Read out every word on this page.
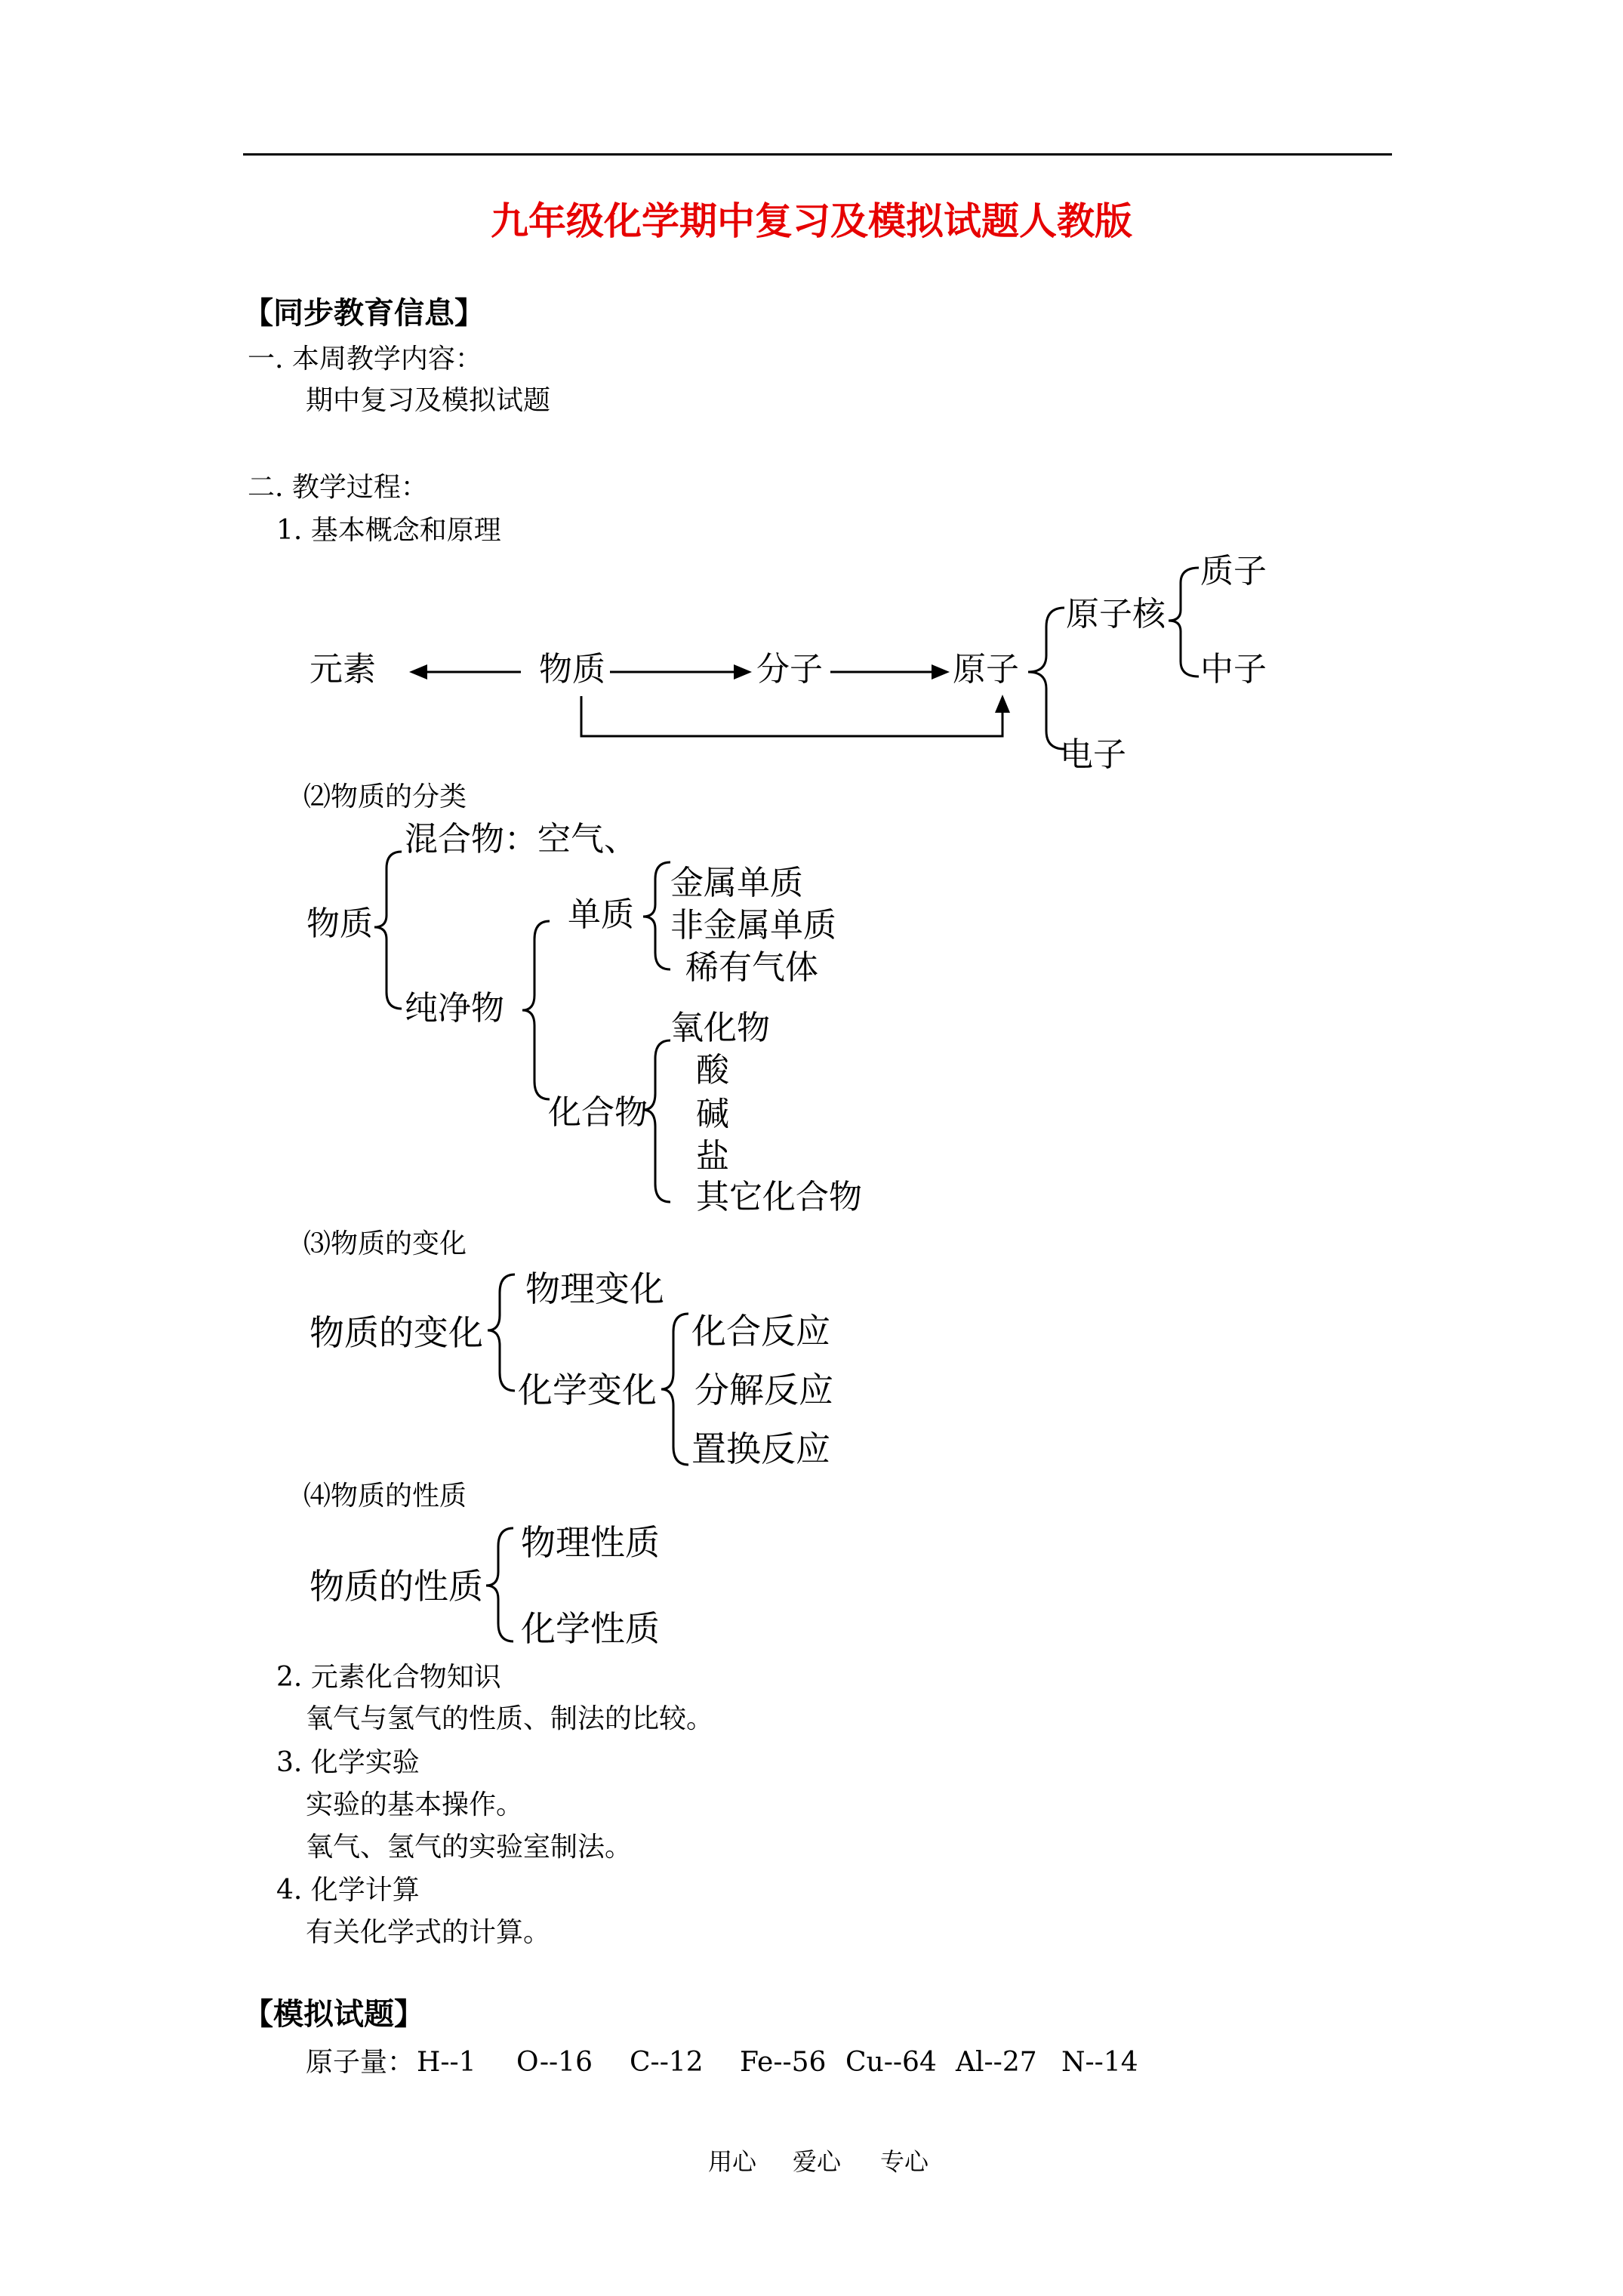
九年级化学期中复习及模拟试题人教版
【同步教育信息】
一. 本周教学内容：
期中复习及模拟试题
二. 教学过程：
1. 基本概念和原理
元素	物质	分子	原子
原子核
质子
中子
电子
⑵物质的分类
混合物：空气、
物质	单质
金属单质
非金属单质
稀有气体
纯净物
化合物
氧化物
酸
碱
盐
其它化合物
⑶物质的变化
物质的变化
物理变化
化学变化
化合反应
分解反应
置换反应
⑷物质的性质
物质的性质
物理性质
化学性质
2. 元素化合物知识
氧气与氢气的性质、制法的比较。
3. 化学实验
实验的基本操作。
氧气、氢气的实验室制法。
4. 化学计算
有关化学式的计算。
【模拟试题】
原子量： H--1 O--16 C--12 Fe--56 Cu--64 Al--27 N--14
用心 爱心 专心
